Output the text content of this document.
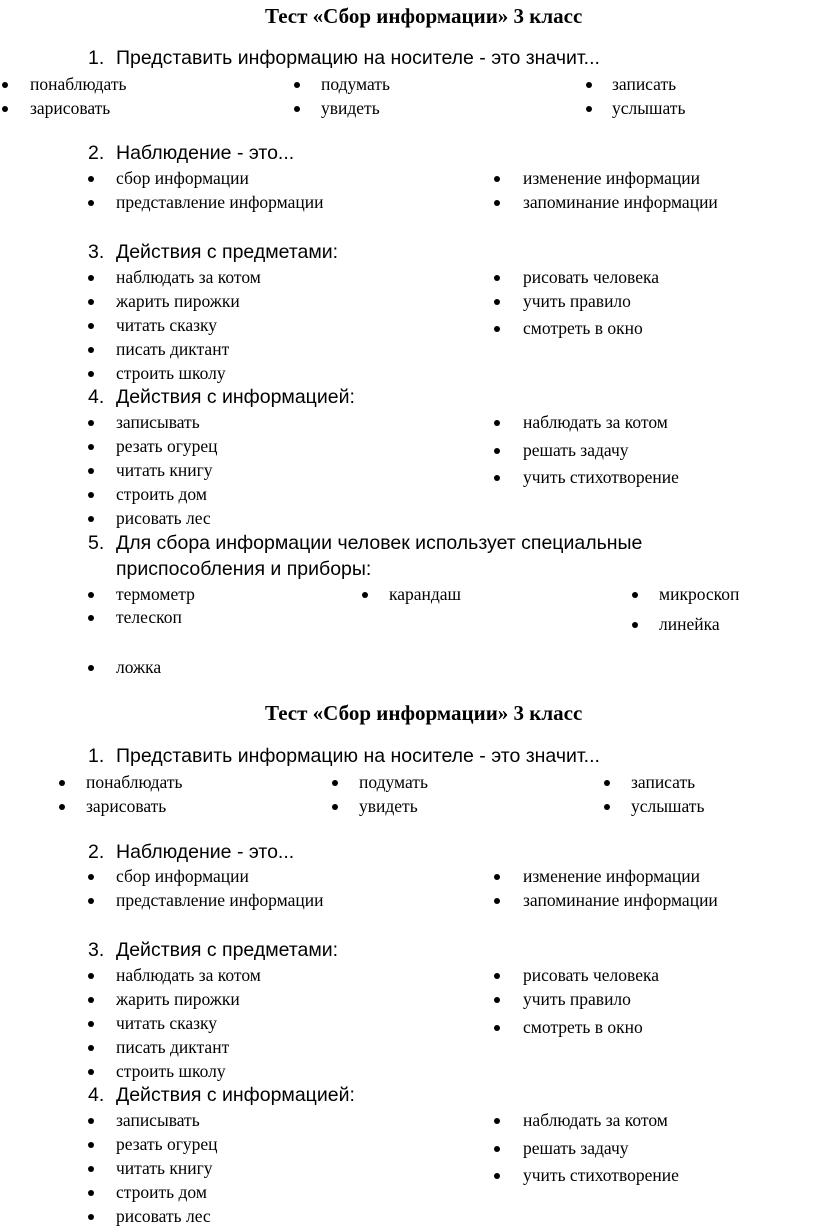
Тест «Сбор информации» 3 класс
1. Представить информацию на носителе - это значит...
понаблюдать	подумать	записать
зарисовать	увидеть	услышать
2. Наблюдение - это...
сбор информации	изменение информации
представление информации	запоминание информации
3. Действия с предметами:
наблюдать за котом	рисовать человека
жарить пирожки	учить правило
читать сказку	смотреть в окно
писать диктант
строить школу
4. Действия с информацией:
записывать	наблюдать за котом
резать огурец	решать задачу
читать книгу	учить стихотворение
строить дом
рисовать лес
5. Для сбора информации человек использует специальные
приспособления и приборы:
термометр	карандаш	микроскоп
телескоп	линейка
ложка
Тест «Сбор информации» 3 класс
1. Представить информацию на носителе - это значит...
понаблюдать	подумать	записать
зарисовать	увидеть	услышать
2. Наблюдение - это...
сбор информации	изменение информации
представление информации	запоминание информации
3. Действия с предметами:
наблюдать за котом	рисовать человека
жарить пирожки	учить правило
читать сказку	смотреть в окно
писать диктант
строить школу
4. Действия с информацией:
записывать	наблюдать за котом
резать огурец	решать задачу
читать книгу	учить стихотворение
строить дом
рисовать лес
